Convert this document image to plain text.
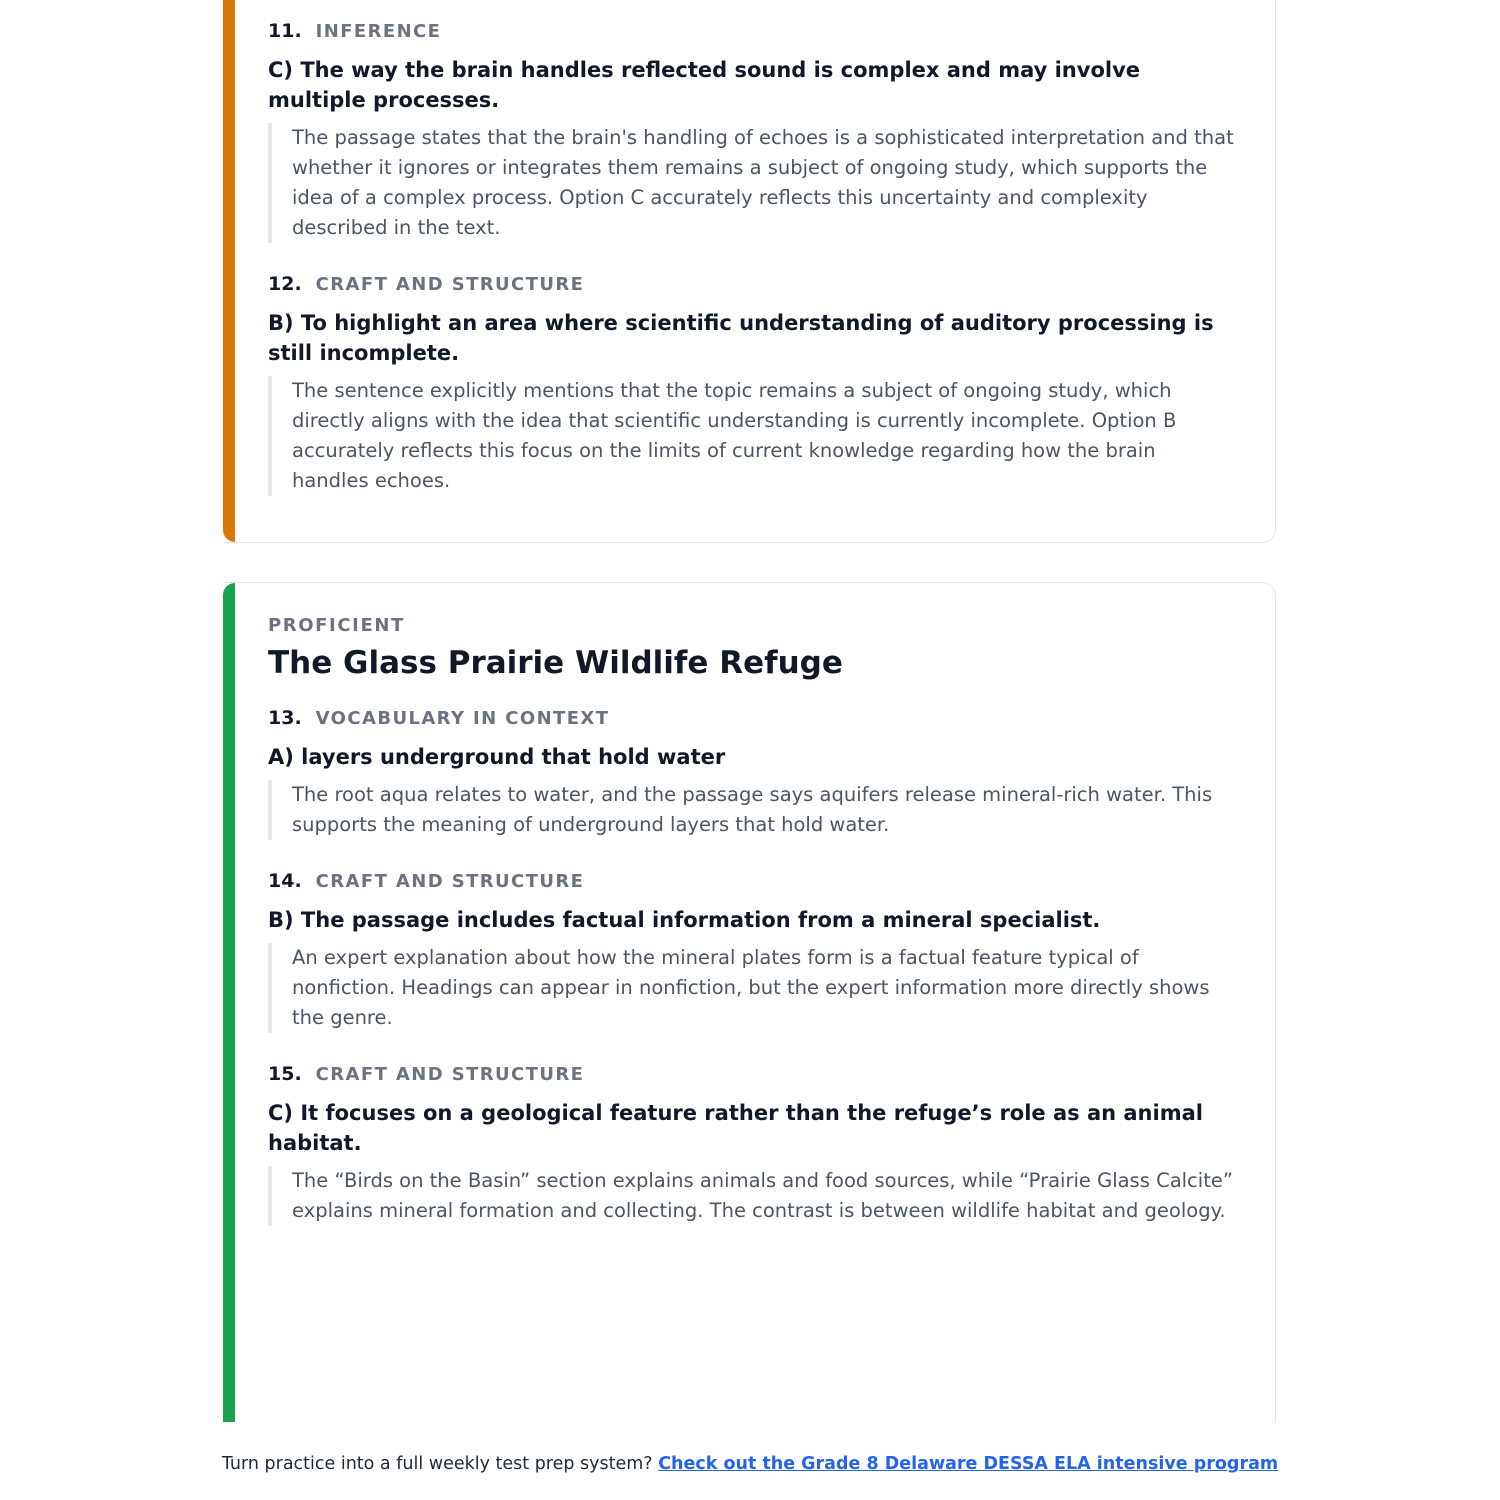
11. INFERENCE

C) The way the brain handles reflected sound is complex and may involve multiple processes.

The passage states that the brain's handling of echoes is a sophisticated interpretation and that whether it ignores or integrates them remains a subject of ongoing study, which supports the idea of a complex process. Option C accurately reflects this uncertainty and complexity described in the text.

12. CRAFT AND STRUCTURE

B) To highlight an area where scientific understanding of auditory processing is still incomplete.

The sentence explicitly mentions that the topic remains a subject of ongoing study, which directly aligns with the idea that scientific understanding is currently incomplete. Option B accurately reflects this focus on the limits of current knowledge regarding how the brain handles echoes.

PROFICIENT
The Glass Prairie Wildlife Refuge
13. VOCABULARY IN CONTEXT

A) layers underground that hold water

The root aqua relates to water, and the passage says aquifers release mineral-rich water. This supports the meaning of underground layers that hold water.

14. CRAFT AND STRUCTURE

B) The passage includes factual information from a mineral specialist.

An expert explanation about how the mineral plates form is a factual feature typical of nonfiction. Headings can appear in nonfiction, but the expert information more directly shows the genre.

15. CRAFT AND STRUCTURE

C) It focuses on a geological feature rather than the refuge’s role as an animal habitat.

The “Birds on the Basin” section explains animals and food sources, while “Prairie Glass Calcite” explains mineral formation and collecting. The contrast is between wildlife habitat and geology.

Turn practice into a full weekly test prep system? Check out the Grade 8 Delaware DESSA ELA intensive program
